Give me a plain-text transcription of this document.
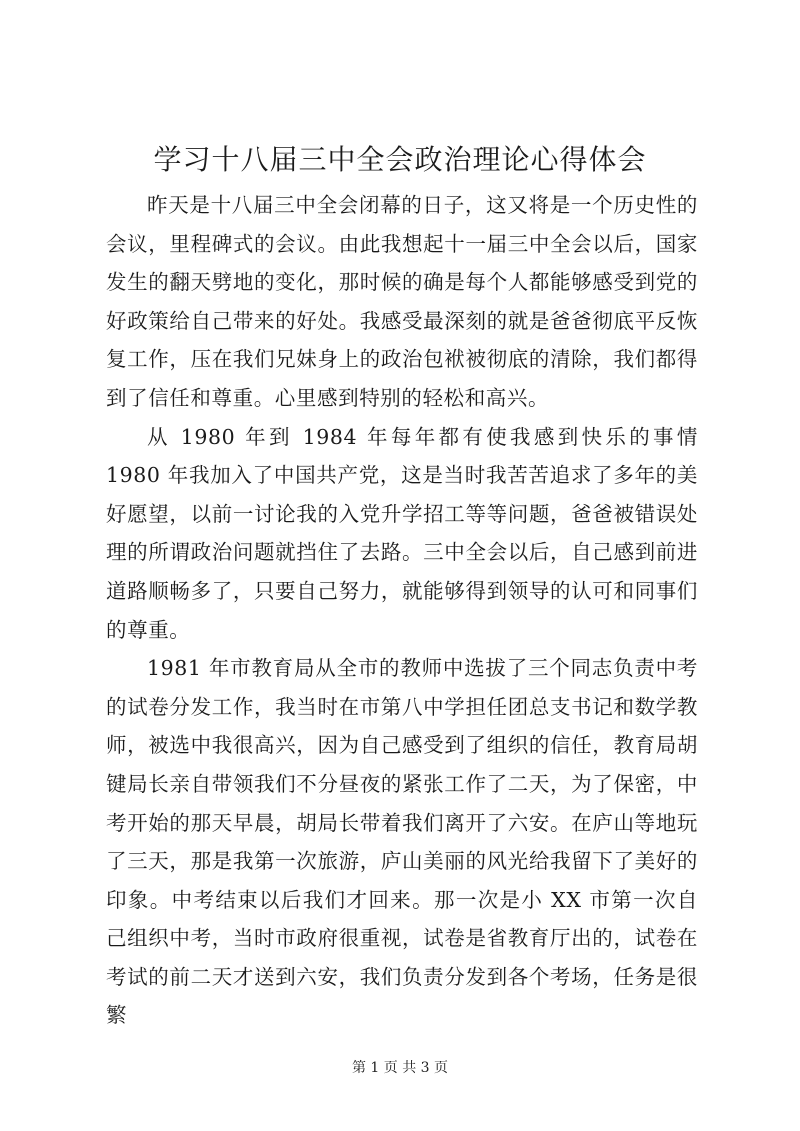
学习十八届三中全会政治理论心得体会

昨天是十八届三中全会闭幕的日子，这又将是一个历史性的会议，里程碑式的会议。由此我想起十一届三中全会以后，国家发生的翻天劈地的变化，那时候的确是每个人都能够感受到党的好政策给自己带来的好处。我感受最深刻的就是爸爸彻底平反恢复工作，压在我们兄妹身上的政治包袱被彻底的清除，我们都得到了信任和尊重。心里感到特别的轻松和高兴。

从 1980 年到 1984 年每年都有使我感到快乐的事情 1980 年我加入了中国共产党，这是当时我苦苦追求了多年的美好愿望，以前一讨论我的入党升学招工等等问题，爸爸被错误处理的所谓政治问题就挡住了去路。三中全会以后，自己感到前进道路顺畅多了，只要自己努力，就能够得到领导的认可和同事们的尊重。

1981 年市教育局从全市的教师中选拔了三个同志负责中考的试卷分发工作，我当时在市第八中学担任团总支书记和数学教师，被选中我很高兴，因为自己感受到了组织的信任，教育局胡键局长亲自带领我们不分昼夜的紧张工作了二天，为了保密，中考开始的那天早晨，胡局长带着我们离开了六安。在庐山等地玩了三天，那是我第一次旅游，庐山美丽的风光给我留下了美好的印象。中考结束以后我们才回来。那一次是小 XX 市第一次自己组织中考，当时市政府很重视，试卷是省教育厅出的，试卷在考试的前二天才送到六安，我们负责分发到各个考场，任务是很繁

第 1 页 共 3 页
